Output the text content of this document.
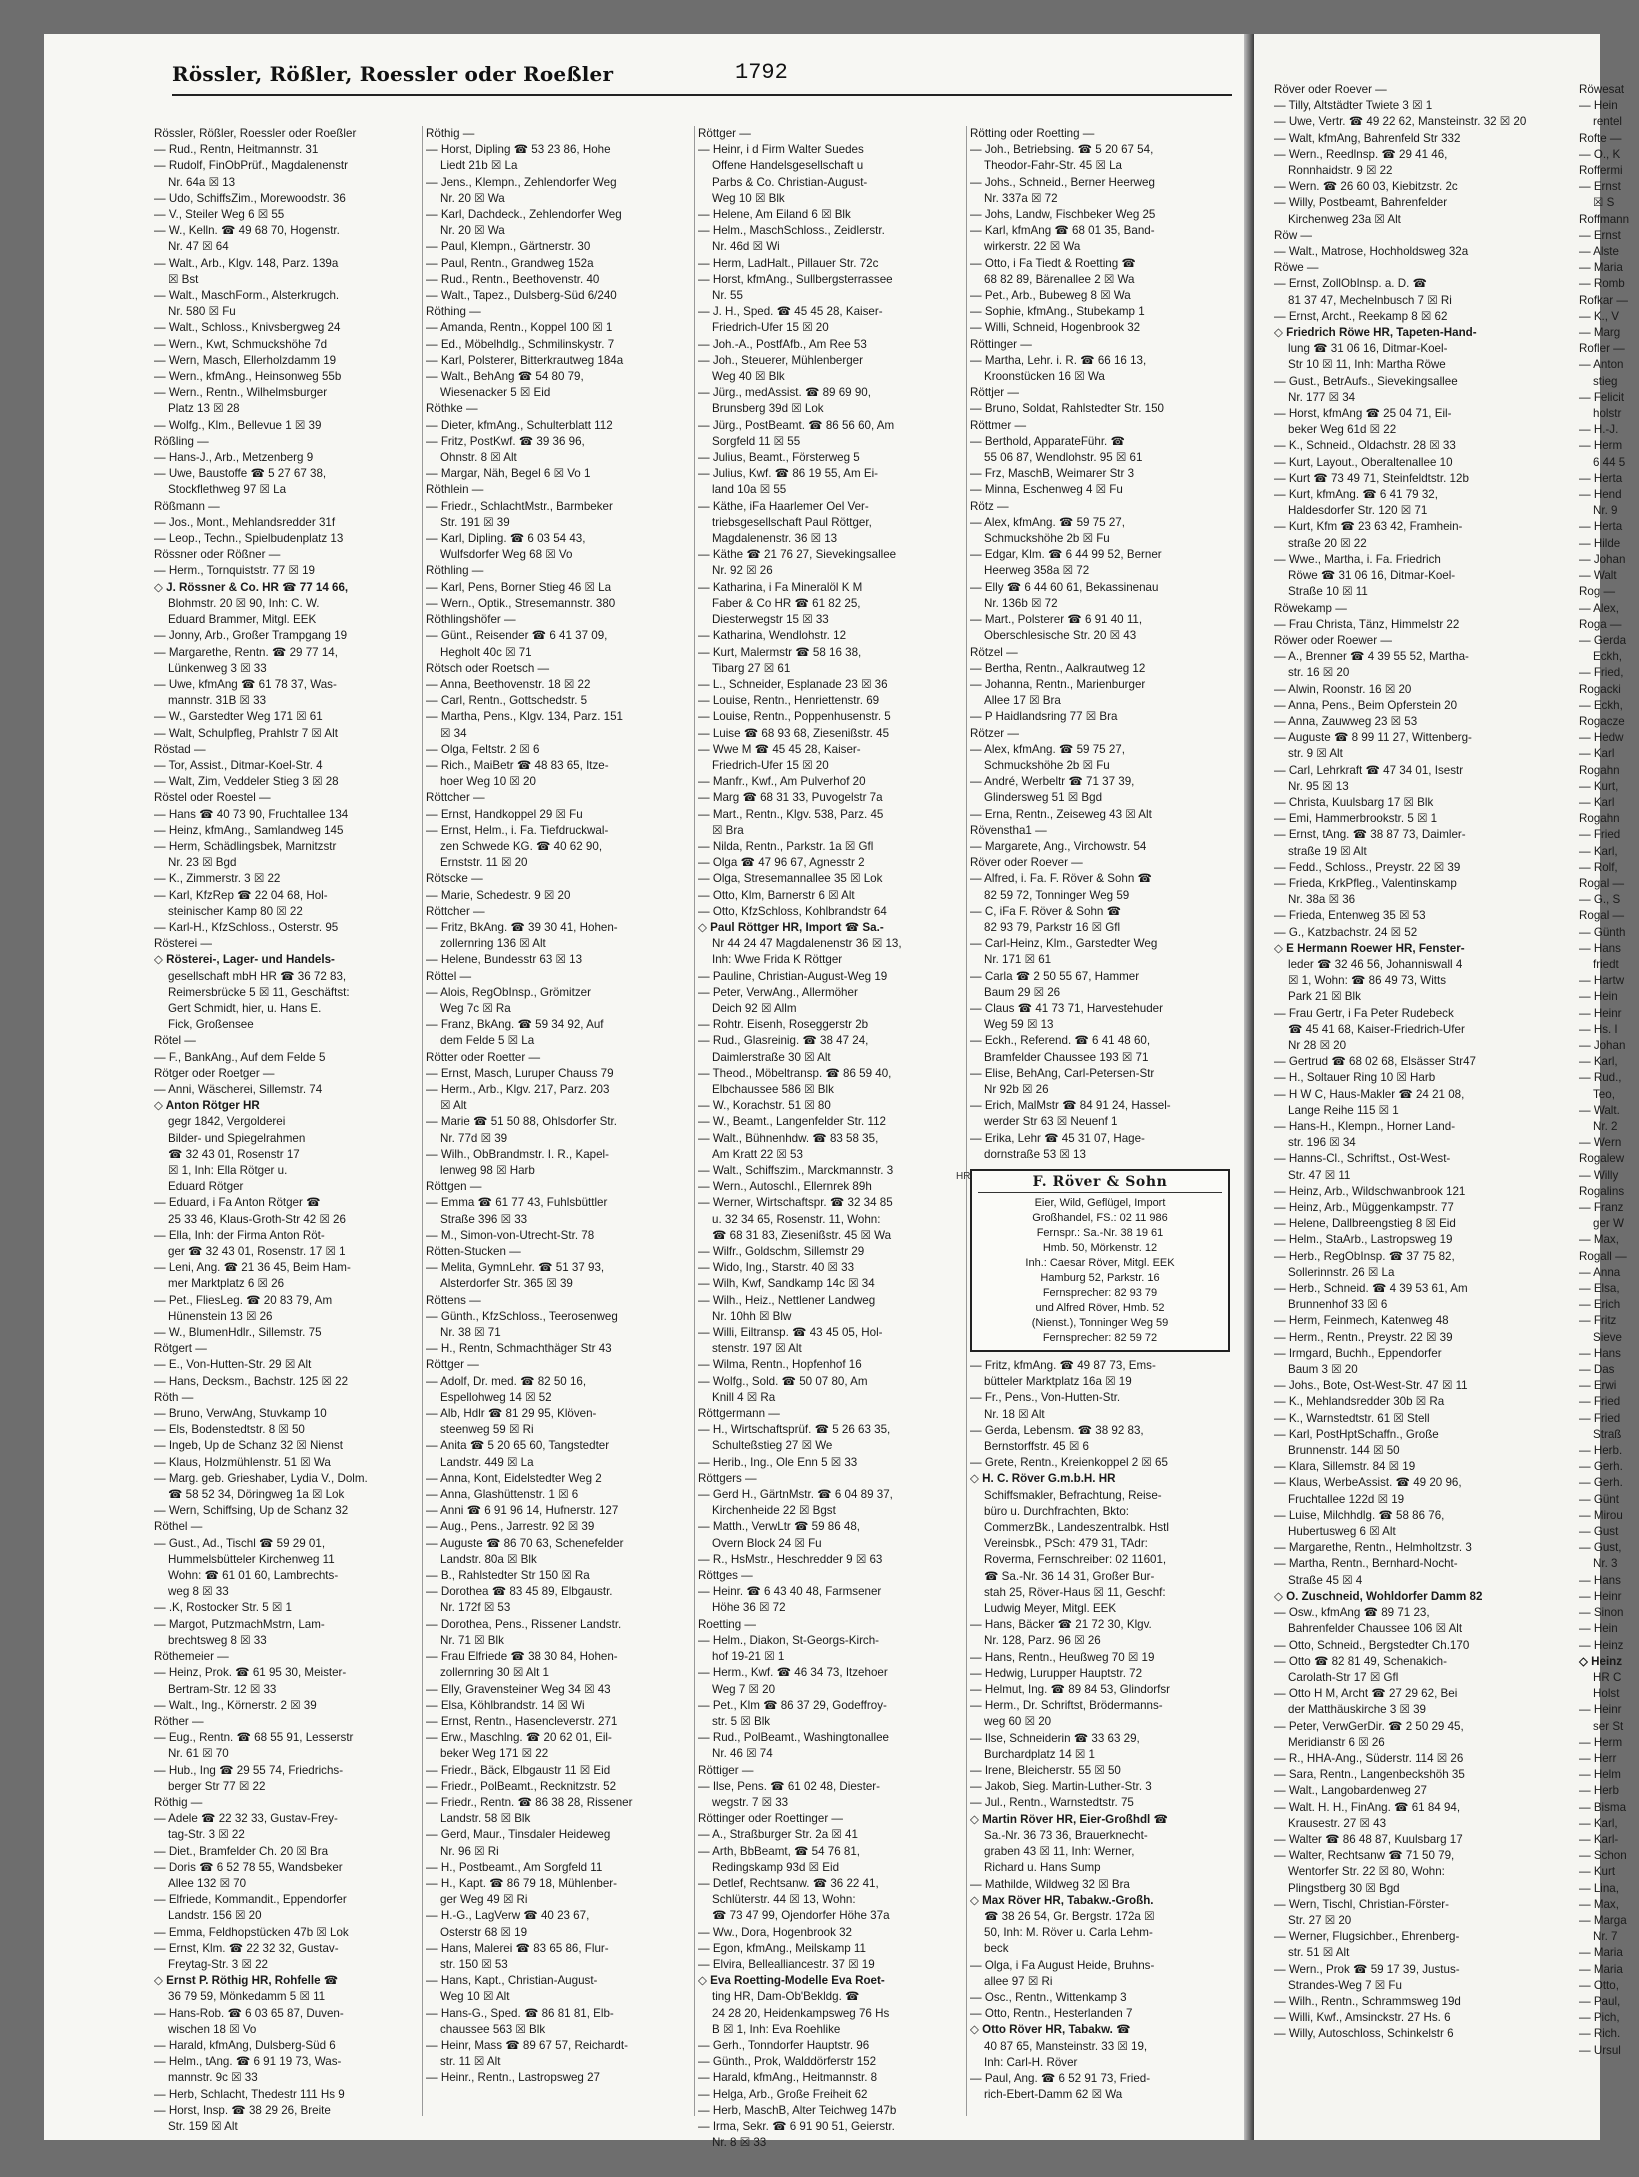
Rössler, Rößler, Roessler oder Roeßler	1792
Rössler, Rößler, Roessler oder Roeßler
— Rud., Rentn, Heitmannstr. 31
— Rudolf, FinObPrüf., Magdalenenstr
Nr. 64a ☒ 13
— Udo, SchiffsZim., Morewoodstr. 36
— V., Steiler Weg 6 ☒ 55
— W., Kelln. ☎ 49 68 70, Hogenstr.
Nr. 47 ☒ 64
— Walt., Arb., Klgv. 148, Parz. 139a
☒ Bst
— Walt., MaschForm., Alsterkrugch.
Nr. 580 ☒ Fu
— Walt., Schloss., Knivsbergweg 24
— Wern., Kwt, Schmuckshöhe 7d
— Wern, Masch, Ellerholzdamm 19
— Wern., kfmAng., Heinsonweg 55b
— Wern., Rentn., Wilhelmsburger
Platz 13 ☒ 28
— Wolfg., Klm., Bellevue 1 ☒ 39
Rößling —
— Hans-J., Arb., Metzenberg 9
— Uwe, Baustoffe ☎ 5 27 67 38,
Stockflethweg 97 ☒ La
Rößmann —
— Jos., Mont., Mehlandsredder 31f
— Leop., Techn., Spielbudenplatz 13
Rössner oder Rößner —
— Herm., Tornquiststr. 77 ☒ 19
◇ J. Rössner & Co. HR ☎ 77 14 66,
Blohmstr. 20 ☒ 90, Inh: C. W.
Eduard Brammer, Mitgl. EEK
— Jonny, Arb., Großer Trampgang 19
— Margarethe, Rentn. ☎ 29 77 14,
Lünkenweg 3 ☒ 33
— Uwe, kfmAng ☎ 61 78 37, Was-
mannstr. 31B ☒ 33
— W., Garstedter Weg 171 ☒ 61
— Walt, Schulpfleg, Prahlstr 7 ☒ Alt
Röstad —
— Tor, Assist., Ditmar-Koel-Str. 4
— Walt, Zim, Veddeler Stieg 3 ☒ 28
Röstel oder Roestel —
— Hans ☎ 40 73 90, Fruchtallee 134
— Heinz, kfmAng., Samlandweg 145
— Herm, Schädlingsbek, Marnitzstr
Nr. 23 ☒ Bgd
— K., Zimmerstr. 3 ☒ 22
— Karl, KfzRep ☎ 22 04 68, Hol-
steinischer Kamp 80 ☒ 22
— Karl-H., KfzSchloss., Osterstr. 95
Rösterei —
◇ Rösterei-, Lager- und Handels-
gesellschaft mbH HR ☎ 36 72 83,
Reimersbrücke 5 ☒ 11, Geschäftst:
Gert Schmidt, hier, u. Hans E.
Fick, Großensee
Rötel —
— F., BankAng., Auf dem Felde 5
Rötger oder Roetger —
— Anni, Wäscherei, Sillemstr. 74
◇ Anton Rötger HR
gegr 1842, Vergolderei
Bilder- und Spiegelrahmen
☎ 32 43 01, Rosenstr 17
☒ 1, Inh: Ella Rötger u.
Eduard Rötger
— Eduard, i Fa Anton Rötger ☎
25 33 46, Klaus-Groth-Str 42 ☒ 26
— Ella, Inh: der Firma Anton Röt-
ger ☎ 32 43 01, Rosenstr. 17 ☒ 1
— Leni, Ang. ☎ 21 36 45, Beim Ham-
mer Marktplatz 6 ☒ 26
— Pet., FliesLeg. ☎ 20 83 79, Am
Hünenstein 13 ☒ 26
— W., BlumenHdlr., Sillemstr. 75
Rötgert —
— E., Von-Hutten-Str. 29 ☒ Alt
— Hans, Decksm., Bachstr. 125 ☒ 22
Röth —
— Bruno, VerwAng, Stuvkamp 10
— Els, Bodenstedtstr. 8 ☒ 50
— Ingeb, Up de Schanz 32 ☒ Nienst
— Klaus, Holzmühlenstr. 51 ☒ Wa
— Marg. geb. Grieshaber, Lydia V., Dolm.
☎ 58 52 34, Döringweg 1a ☒ Lok
— Wern, Schiffsing, Up de Schanz 32
Röthel —
— Gust., Ad., Tischl ☎ 59 29 01,
Hummelsbütteler Kirchenweg 11
Wohn: ☎ 61 01 60, Lambrechts-
weg 8 ☒ 33
— .K, Rostocker Str. 5 ☒ 1
— Margot, PutzmachMstrn, Lam-
brechtsweg 8 ☒ 33
Röthemeier —
— Heinz, Prok. ☎ 61 95 30, Meister-
Bertram-Str. 12 ☒ 33
— Walt., Ing., Körnerstr. 2 ☒ 39
Röther —
— Eug., Rentn. ☎ 68 55 91, Lesserstr
Nr. 61 ☒ 70
— Hub., Ing ☎ 29 55 74, Friedrichs-
berger Str 77 ☒ 22
Röthig —
— Adele ☎ 22 32 33, Gustav-Frey-
tag-Str. 3 ☒ 22
— Diet., Bramfelder Ch. 20 ☒ Bra
— Doris ☎ 6 52 78 55, Wandsbeker
Allee 132 ☒ 70
— Elfriede, Kommandit., Eppendorfer
Landstr. 156 ☒ 20
— Emma, Feldhopstücken 47b ☒ Lok
— Ernst, Klm. ☎ 22 32 32, Gustav-
Freytag-Str. 3 ☒ 22
◇ Ernst P. Röthig HR, Rohfelle ☎
36 79 59, Mönkedamm 5 ☒ 11
— Hans-Rob. ☎ 6 03 65 87, Duven-
wischen 18 ☒ Vo
— Harald, kfmAng, Dulsberg-Süd 6
— Helm., tAng. ☎ 6 91 19 73, Was-
mannstr. 9c ☒ 33
— Herb, Schlacht, Thedestr 111 Hs 9
— Horst, Insp. ☎ 38 29 26, Breite
Str. 159 ☒ Alt
Röthig —
— Horst, Dipling ☎ 53 23 86, Hohe
Liedt 21b ☒ La
— Jens., Klempn., Zehlendorfer Weg
Nr. 20 ☒ Wa
— Karl, Dachdeck., Zehlendorfer Weg
Nr. 20 ☒ Wa
— Paul, Klempn., Gärtnerstr. 30
— Paul, Rentn., Grandweg 152a
— Rud., Rentn., Beethovenstr. 40
— Walt., Tapez., Dulsberg-Süd 6/240
Röthing —
— Amanda, Rentn., Koppel 100 ☒ 1
— Ed., Möbelhdlg., Schmilinskystr. 7
— Karl, Polsterer, Bitterkrautweg 184a
— Walt., BehAng ☎ 54 80 79,
Wiesenacker 5 ☒ Eid
Röthke —
— Dieter, kfmAng., Schulterblatt 112
— Fritz, PostKwf. ☎ 39 36 96,
Ohnstr. 8 ☒ Alt
— Margar, Näh, Begel 6 ☒ Vo 1
Röthlein —
— Friedr., SchlachtMstr., Barmbeker
Str. 191 ☒ 39
— Karl, Dipling. ☎ 6 03 54 43,
Wulfsdorfer Weg 68 ☒ Vo
Röthling —
— Karl, Pens, Borner Stieg 46 ☒ La
— Wern., Optik., Stresemannstr. 380
Röthlingshöfer —
— Günt., Reisender ☎ 6 41 37 09,
Hegholt 40c ☒ 71
Rötsch oder Roetsch —
— Anna, Beethovenstr. 18 ☒ 22
— Carl, Rentn., Gottschedstr. 5
— Martha, Pens., Klgv. 134, Parz. 151
☒ 34
— Olga, Feltstr. 2 ☒ 6
— Rich., MaiBetr ☎ 48 83 65, Itze-
hoer Weg 10 ☒ 20
Röttcher —
— Ernst, Handkoppel 29 ☒ Fu
— Ernst, Helm., i. Fa. Tiefdruckwal-
zen Schwede KG. ☎ 40 62 90,
Ernststr. 11 ☒ 20
Rötscke —
— Marie, Schedestr. 9 ☒ 20
Röttcher —
— Fritz, BkAng. ☎ 39 30 41, Hohen-
zollernring 136 ☒ Alt
— Helene, Bundesstr 63 ☒ 13
Röttel —
— Alois, RegObInsp., Grömitzer
Weg 7c ☒ Ra
— Franz, BkAng. ☎ 59 34 92, Auf
dem Felde 5 ☒ La
Rötter oder Roetter —
— Ernst, Masch, Luruper Chauss 79
— Herm., Arb., Klgv. 217, Parz. 203
☒ Alt
— Marie ☎ 51 50 88, Ohlsdorfer Str.
Nr. 77d ☒ 39
— Wilh., ObBrandmstr. I. R., Kapel-
lenweg 98 ☒ Harb
Röttgen —
— Emma ☎ 61 77 43, Fuhlsbüttler
Straße 396 ☒ 33
— M., Simon-von-Utrecht-Str. 78
Rötten-Stucken —
— Melita, GymnLehr. ☎ 51 37 93,
Alsterdorfer Str. 365 ☒ 39
Röttens —
— Günth., KfzSchloss., Teerosenweg
Nr. 38 ☒ 71
— H., Rentn, Schmachthäger Str 43
Röttger —
— Adolf, Dr. med. ☎ 82 50 16,
Espellohweg 14 ☒ 52
— Alb, Hdlr ☎ 81 29 95, Klöven-
steenweg 59 ☒ Ri
— Anita ☎ 5 20 65 60, Tangstedter
Landstr. 449 ☒ La
— Anna, Kont, Eidelstedter Weg 2
— Anna, Glashüttenstr. 1 ☒ 6
— Anni ☎ 6 91 96 14, Hufnerstr. 127
— Aug., Pens., Jarrestr. 92 ☒ 39
— Auguste ☎ 86 70 63, Schenefelder
Landstr. 80a ☒ Blk
— B., Rahlstedter Str 150 ☒ Ra
— Dorothea ☎ 83 45 89, Elbgaustr.
Nr. 172f ☒ 53
— Dorothea, Pens., Rissener Landstr.
Nr. 71 ☒ Blk
— Frau Elfriede ☎ 38 30 84, Hohen-
zollernring 30 ☒ Alt 1
— Elly, Gravensteiner Weg 34 ☒ 43
— Elsa, Köhlbrandstr. 14 ☒ Wi
— Ernst, Rentn., Hasencleverstr. 271
— Erw., Maschlng. ☎ 20 62 01, Eil-
beker Weg 171 ☒ 22
— Friedr., Bäck, Elbgaustr 11 ☒ Eid
— Friedr., PolBeamt., Recknitzstr. 52
— Friedr., Rentn. ☎ 86 38 28, Rissener
Landstr. 58 ☒ Blk
— Gerd, Maur., Tinsdaler Heideweg
Nr. 96 ☒ Ri
— H., Postbeamt., Am Sorgfeld 11
— H., Kapt. ☎ 86 79 18, Mühlenber-
ger Weg 49 ☒ Ri
— H.-G., LagVerw ☎ 40 23 67,
Osterstr 68 ☒ 19
— Hans, Malerei ☎ 83 65 86, Flur-
str. 150 ☒ 53
— Hans, Kapt., Christian-August-
Weg 10 ☒ Alt
— Hans-G., Sped. ☎ 86 81 81, Elb-
chaussee 563 ☒ Blk
— Heinr, Mass ☎ 89 67 57, Reichardt-
str. 11 ☒ Alt
— Heinr., Rentn., Lastropsweg 27
Röttger —
— Heinr, i d Firm Walter Suedes
Offene Handelsgesellschaft u
Parbs & Co. Christian-August-
Weg 10 ☒ Blk
— Helene, Am Eiland 6 ☒ Blk
— Helm., MaschSchloss., Zeidlerstr.
Nr. 46d ☒ Wi
— Herm, LadHalt., Pillauer Str. 72c
— Horst, kfmAng., Sullbergsterrassee
Nr. 55
— J. H., Sped. ☎ 45 45 28, Kaiser-
Friedrich-Ufer 15 ☒ 20
— Joh.-A., PostfAfb., Am Ree 53
— Joh., Steuerer, Mühlenberger
Weg 40 ☒ Blk
— Jürg., medAssist. ☎ 89 69 90,
Brunsberg 39d ☒ Lok
— Jürg., PostBeamt. ☎ 86 56 60, Am
Sorgfeld 11 ☒ 55
— Julius, Beamt., Försterweg 5
— Julius, Kwf. ☎ 86 19 55, Am Ei-
land 10a ☒ 55
— Käthe, iFa Haarlemer Oel Ver-
triebsgesellschaft Paul Röttger,
Magdalenenstr. 36 ☒ 13
— Käthe ☎ 21 76 27, Sievekingsallee
Nr. 92 ☒ 26
— Katharina, i Fa Mineralöl K M
Faber & Co HR ☎ 61 82 25,
Diesterwegstr 15 ☒ 33
— Katharina, Wendlohstr. 12
— Kurt, Malermstr ☎ 58 16 38,
Tibarg 27 ☒ 61
— L., Schneider, Esplanade 23 ☒ 36
— Louise, Rentn., Henriettenstr. 69
— Louise, Rentn., Poppenhusenstr. 5
— Luise ☎ 68 93 68, Ziesenißstr. 45
— Wwe M ☎ 45 45 28, Kaiser-
Friedrich-Ufer 15 ☒ 20
— Manfr., Kwf., Am Pulverhof 20
— Marg ☎ 68 31 33, Puvogelstr 7a
— Mart., Rentn., Klgv. 538, Parz. 45
☒ Bra
— Nilda, Rentn., Parkstr. 1a ☒ Gfl
— Olga ☎ 47 96 67, Agnesstr 2
— Olga, Stresemannallee 35 ☒ Lok
— Otto, Klm, Barnerstr 6 ☒ Alt
— Otto, KfzSchloss, Kohlbrandstr 64
◇ Paul Röttger HR, Import ☎ Sa.-
Nr 44 24 47 Magdalenenstr 36 ☒ 13,
Inh: Wwe Frida K Röttger
— Pauline, Christian-August-Weg 19
— Peter, VerwAng., Allermöher
Deich 92 ☒ Allm
— Rohtr. Eisenh, Roseggerstr 2b
— Rud., Glasreinig. ☎ 38 47 24,
Daimlerstraße 30 ☒ Alt
— Theod., Möbeltransp. ☎ 86 59 40,
Elbchaussee 586 ☒ Blk
— W., Korachstr. 51 ☒ 80
— W., Beamt., Langenfelder Str. 112
— Walt., Bühnenhdw. ☎ 83 58 35,
Am Kratt 22 ☒ 53
— Walt., Schiffszim., Marckmannstr. 3
— Wern., Autoschl., Ellernrek 89h
— Werner, Wirtschaftspr. ☎ 32 34 85
u. 32 34 65, Rosenstr. 11, Wohn:
☎ 68 31 83, Ziesenißstr. 45 ☒ Wa
— Wilfr., Goldschm, Sillemstr 29
— Wido, Ing., Starstr. 40 ☒ 33
— Wilh, Kwf, Sandkamp 14c ☒ 34
— Wilh., Heiz., Nettlener Landweg
Nr. 10hh ☒ Blw
— Willi, Eiltransp. ☎ 43 45 05, Hol-
stenstr. 197 ☒ Alt
— Wilma, Rentn., Hopfenhof 16
— Wolfg., Sold. ☎ 50 07 80, Am
Knill 4 ☒ Ra
Röttgermann —
— H., Wirtschaftsprüf. ☎ 5 26 63 35,
Schulteßstieg 27 ☒ We
— Herib., Ing., Ole Enn 5 ☒ 33
Röttgers —
— Gerd H., GärtnMstr. ☎ 6 04 89 37,
Kirchenheide 22 ☒ Bgst
— Matth., VerwLtr ☎ 59 86 48,
Overn Block 24 ☒ Fu
— R., HsMstr., Heschredder 9 ☒ 63
Röttges —
— Heinr. ☎ 6 43 40 48, Farmsener
Höhe 36 ☒ 72
Roetting —
— Helm., Diakon, St-Georgs-Kirch-
hof 19-21 ☒ 1
— Herm., Kwf. ☎ 46 34 73, Itzehoer
Weg 7 ☒ 20
— Pet., Klm ☎ 86 37 29, Godeffroy-
str. 5 ☒ Blk
— Rud., PolBeamt., Washingtonallee
Nr. 46 ☒ 74
Röttiger —
— Ilse, Pens. ☎ 61 02 48, Diester-
wegstr. 7 ☒ 33
Röttinger oder Roettinger —
— A., Straßburger Str. 2a ☒ 41
— Arth, BbBeamt, ☎ 54 76 81,
Redingskamp 93d ☒ Eid
— Detlef, Rechtsanw. ☎ 36 22 41,
Schlüterstr. 44 ☒ 13, Wohn:
☎ 73 47 99, Ojendorfer Höhe 37a
— Ww., Dora, Hogenbrook 32
— Egon, kfmAng., Meilskamp 11
— Elvira, Bellealliancestr. 37 ☒ 19
◇ Eva Roetting-Modelle Eva Roet-
ting HR, Dam-Ob'Bekldg. ☎
24 28 20, Heidenkampsweg 76 Hs
B ☒ 1, Inh: Eva Roehlike
— Gerh., Tonndorfer Hauptstr. 96
— Günth., Prok, Walddörferstr 152
— Harald, kfmAng., Heitmannstr. 8
— Helga, Arb., Große Freiheit 62
— Herb, MaschB, Alter Teichweg 147b
— Irma, Sekr. ☎ 6 91 90 51, Geierstr.
Nr. 8 ☒ 33
Rötting oder Roetting —
— Joh., Betriebsing. ☎ 5 20 67 54,
Theodor-Fahr-Str. 45 ☒ La
— Johs., Schneid., Berner Heerweg
Nr. 337a ☒ 72
— Johs, Landw, Fischbeker Weg 25
— Karl, kfmAng ☎ 68 01 35, Band-
wirkerstr. 22 ☒ Wa
— Otto, i Fa Tiedt & Roetting ☎
68 82 89, Bärenallee 2 ☒ Wa
— Pet., Arb., Bubeweg 8 ☒ Wa
— Sophie, kfmAng., Stubekamp 1
— Willi, Schneid, Hogenbrook 32
Röttinger —
— Martha, Lehr. i. R. ☎ 66 16 13,
Kroonstücken 16 ☒ Wa
Röttjer —
— Bruno, Soldat, Rahlstedter Str. 150
Röttmer —
— Berthold, ApparateFühr. ☎
55 06 87, Wendlohstr. 95 ☒ 61
— Frz, MaschB, Weimarer Str 3
— Minna, Eschenweg 4 ☒ Fu
Rötz —
— Alex, kfmAng. ☎ 59 75 27,
Schmuckshöhe 2b ☒ Fu
— Edgar, Klm. ☎ 6 44 99 52, Berner
Heerweg 358a ☒ 72
— Elly ☎ 6 44 60 61, Bekassinenau
Nr. 136b ☒ 72
— Mart., Polsterer ☎ 6 91 40 11,
Oberschlesische Str. 20 ☒ 43
Rötzel —
— Bertha, Rentn., Aalkrautweg 12
— Johanna, Rentn., Marienburger
Allee 17 ☒ Bra
— P Haidlandsring 77 ☒ Bra
Rötzer —
— Alex, kfmAng. ☎ 59 75 27,
Schmuckshöhe 2b ☒ Fu
— André, Werbeltr ☎ 71 37 39,
Glindersweg 51 ☒ Bgd
— Erna, Rentn., Zeiseweg 43 ☒ Alt
Rövenstha1 —
— Margarete, Ang., Virchowstr. 54
Röver oder Roever —
— Alfred, i. Fa. F. Röver & Sohn ☎
82 59 72, Tonninger Weg 59
— C, iFa F. Röver & Sohn ☎
82 93 79, Parkstr 16 ☒ Gfl
— Carl-Heinz, Klm., Garstedter Weg
Nr. 171 ☒ 61
— Carla ☎ 2 50 55 67, Hammer
Baum 29 ☒ 26
— Claus ☎ 41 73 71, Harvestehuder
Weg 59 ☒ 13
— Eckh., Referend. ☎ 6 41 48 60,
Bramfelder Chaussee 193 ☒ 71
— Elise, BehAng, Carl-Petersen-Str
Nr 92b ☒ 26
— Erich, MalMstr ☎ 84 91 24, Hassel-
werder Str 63 ☒ Neuenf 1
— Erika, Lehr ☎ 45 31 07, Hage-
dornstraße 53 ☒ 13
HR	F. Röver & Sohn
Eier, Wild, Geflügel, Import
Großhandel, FS.: 02 11 986
Fernspr.: Sa.-Nr. 38 19 61
Hmb. 50, Mörkenstr. 12
Inh.: Caesar Röver, Mitgl. EEK
Hamburg 52, Parkstr. 16
Fernsprecher: 82 93 79
und Alfred Röver, Hmb. 52
(Nienst.), Tonninger Weg 59
Fernsprecher: 82 59 72
— Fritz, kfmAng. ☎ 49 87 73, Ems-
bütteler Marktplatz 16a ☒ 19
— Fr., Pens., Von-Hutten-Str.
Nr. 18 ☒ Alt
— Gerda, Lebensm. ☎ 38 92 83,
Bernstorffstr. 45 ☒ 6
— Grete, Rentn., Kreienkoppel 2 ☒ 65
◇ H. C. Röver G.m.b.H. HR
Schiffsmakler, Befrachtung, Reise-
büro u. Durchfrachten, Bkto:
CommerzBk., Landeszentralbk. Hstl
Vereinsbk., PSch: 479 31, TAdr:
Roverma, Fernschreiber: 02 11601,
☎ Sa.-Nr. 36 14 31, Großer Bur-
stah 25, Röver-Haus ☒ 11, Geschf:
Ludwig Meyer, Mitgl. EEK
— Hans, Bäcker ☎ 21 72 30, Klgv.
Nr. 128, Parz. 96 ☒ 26
— Hans, Rentn., Heußweg 70 ☒ 19
— Hedwig, Lurupper Hauptstr. 72
— Helmut, Ing. ☎ 89 84 53, Glindorfsr
— Herm., Dr. Schriftst, Brödermanns-
weg 60 ☒ 20
— Ilse, Schneiderin ☎ 33 63 29,
Burchardplatz 14 ☒ 1
— Irene, Bleicherstr. 55 ☒ 50
— Jakob, Sieg. Martin-Luther-Str. 3
— Jul., Rentn., Warnstedtstr. 75
◇ Martin Röver HR, Eier-Großhdl ☎
Sa.-Nr. 36 73 36, Brauerknecht-
graben 43 ☒ 11, Inh: Werner,
Richard u. Hans Sump
— Mathilde, Wildweg 32 ☒ Bra
◇ Max Röver HR, Tabakw.-Großh.
☎ 38 26 54, Gr. Bergstr. 172a ☒
50, Inh: M. Röver u. Carla Lehm-
beck
— Olga, i Fa August Heide, Bruhns-
allee 97 ☒ Ri
— Osc., Rentn., Wittenkamp 3
— Otto, Rentn., Hesterlanden 7
◇ Otto Röver HR, Tabakw. ☎
40 87 65, Mansteinstr. 33 ☒ 19,
Inh: Carl-H. Röver
— Paul, Ang. ☎ 6 52 91 73, Fried-
rich-Ebert-Damm 62 ☒ Wa
Röver oder Roever —
— Tilly, Altstädter Twiete 3 ☒ 1
— Uwe, Vertr. ☎ 49 22 62, Mansteinstr. 32 ☒ 20
— Walt, kfmAng, Bahrenfeld Str 332
— Wern., Reedlnsp. ☎ 29 41 46,
Ronnhaidstr. 9 ☒ 22
— Wern. ☎ 26 60 03, Kiebitzstr. 2c
— Willy, Postbeamt, Bahrenfelder
Kirchenweg 23a ☒ Alt
Röw —
— Walt., Matrose, Hochholdsweg 32a
Röwe —
— Ernst, ZollObInsp. a. D. ☎
81 37 47, Mechelnbusch 7 ☒ Ri
— Ernst, Archt., Reekamp 8 ☒ 62
◇ Friedrich Röwe HR, Tapeten-Hand-
lung ☎ 31 06 16, Ditmar-Koel-
Str 10 ☒ 11, Inh: Martha Röwe
— Gust., BetrAufs., Sievekingsallee
Nr. 177 ☒ 34
— Horst, kfmAng ☎ 25 04 71, Eil-
beker Weg 61d ☒ 22
— K., Schneid., Oldachstr. 28 ☒ 33
— Kurt, Layout., Oberaltenallee 10
— Kurt ☎ 73 49 71, Steinfeldtstr. 12b
— Kurt, kfmAng. ☎ 6 41 79 32,
Haldesdorfer Str. 120 ☒ 71
— Kurt, Kfm ☎ 23 63 42, Framhein-
straße 20 ☒ 22
— Wwe., Martha, i. Fa. Friedrich
Röwe ☎ 31 06 16, Ditmar-Koel-
Straße 10 ☒ 11
Röwekamp —
— Frau Christa, Tänz, Himmelstr 22
Röwer oder Roewer —
— A., Brenner ☎ 4 39 55 52, Martha-
str. 16 ☒ 20
— Alwin, Roonstr. 16 ☒ 20
— Anna, Pens., Beim Opferstein 20
— Anna, Zauwweg 23 ☒ 53
— Auguste ☎ 8 99 11 27, Wittenberg-
str. 9 ☒ Alt
— Carl, Lehrkraft ☎ 47 34 01, Isestr
Nr. 95 ☒ 13
— Christa, Kuulsbarg 17 ☒ Blk
— Emi, Hammerbrookstr. 5 ☒ 1
— Ernst, tAng. ☎ 38 87 73, Daimler-
straße 19 ☒ Alt
— Fedd., Schloss., Preystr. 22 ☒ 39
— Frieda, KrkPfleg., Valentinskamp
Nr. 38a ☒ 36
— Frieda, Entenweg 35 ☒ 53
— G., Katzbachstr. 24 ☒ 52
◇ E Hermann Roewer HR, Fenster-
leder ☎ 32 46 56, Johanniswall 4
☒ 1, Wohn: ☎ 86 49 73, Witts
Park 21 ☒ Blk
— Frau Gertr, i Fa Peter Rudebeck
☎ 45 41 68, Kaiser-Friedrich-Ufer
Nr 28 ☒ 20
— Gertrud ☎ 68 02 68, Elsässer Str47
— H., Soltauer Ring 10 ☒ Harb
— H W C, Haus-Makler ☎ 24 21 08,
Lange Reihe 115 ☒ 1
— Hans-H., Klempn., Horner Land-
str. 196 ☒ 34
— Hanns-Cl., Schriftst., Ost-West-
Str. 47 ☒ 11
— Heinz, Arb., Wildschwanbrook 121
— Heinz, Arb., Müggenkampstr. 77
— Helene, Dallbreengstieg 8 ☒ Eid
— Helm., StaArb., Lastropsweg 19
— Herb., RegObInsp. ☎ 37 75 82,
Sollerinnstr. 26 ☒ La
— Herb., Schneid. ☎ 4 39 53 61, Am
Brunnenhof 33 ☒ 6
— Herm, Feinmech, Katenweg 48
— Herm., Rentn., Preystr. 22 ☒ 39
— Irmgard, Buchh., Eppendorfer
Baum 3 ☒ 20
— Johs., Bote, Ost-West-Str. 47 ☒ 11
— K., Mehlandsredder 30b ☒ Ra
— K., Warnstedtstr. 61 ☒ Stell
— Karl, PostHptSchaffn., Große
Brunnenstr. 144 ☒ 50
— Klara, Sillemstr. 84 ☒ 19
— Klaus, WerbeAssist. ☎ 49 20 96,
Fruchtallee 122d ☒ 19
— Luise, Milchhdlg. ☎ 58 86 76,
Hubertusweg 6 ☒ Alt
— Margarethe, Rentn., Helmholtzstr. 3
— Martha, Rentn., Bernhard-Nocht-
Straße 45 ☒ 4
◇ O. Zuschneid, Wohldorfer Damm 82
— Osw., kfmAng ☎ 89 71 23,
Bahrenfelder Chaussee 106 ☒ Alt
— Otto, Schneid., Bergstedter Ch.170
— Otto ☎ 82 81 49, Schenakich-
Carolath-Str 17 ☒ Gfl
— Otto H M, Archt ☎ 27 29 62, Bei
der Matthäuskirche 3 ☒ 39
— Peter, VerwGerDir. ☎ 2 50 29 45,
Meridianstr 6 ☒ 26
— R., HHA-Ang., Süderstr. 114 ☒ 26
— Sara, Rentn., Langenbeckshöh 35
— Walt., Langobardenweg 27
— Walt. H. H., FinAng. ☎ 61 84 94,
Krausestr. 27 ☒ 43
— Walter ☎ 86 48 87, Kuulsbarg 17
— Walter, Rechtsanw ☎ 71 50 79,
Wentorfer Str. 22 ☒ 80, Wohn:
Plingstberg 30 ☒ Bgd
— Wern, Tischl, Christian-Förster-
Str. 27 ☒ 20
— Werner, Flugsichber., Ehrenberg-
str. 51 ☒ Alt
— Wern., Prok ☎ 59 17 39, Justus-
Strandes-Weg 7 ☒ Fu
— Wilh., Rentn., Schrammsweg 19d
— Willi, Kwf., Amsinckstr. 27 Hs. 6
— Willy, Autoschloss, Schinkelstr 6
Röwesat
— Hein
rentel
Rofte —
— O., K
Roffermi
— Ernst
☒ S
Roffmann
— Ernst
— Alste
— Maria
— Romb
Rofkar —
— K., V
— Marg
Rofler —
— Anton
stieg
— Felicit
holstr
— H.-J.
— Herm
6 44 5
— Herta
— Hend
Nr. 9
— Herta
— Hilde
— Johan
— Walt
Rog —
— Alex,
Roga —
— Gerda
Eckh,
— Fried,
Rogacki
— Eckh,
Rogacze
— Hedw
— Karl
Rogahn
— Kurt,
— Karl
Rogahn
— Fried
— Karl,
— Rolf,
Rogal —
— G., S
Rogal —
— Günth
— Hans
friedt
— Hartw
— Hein
— Heinr
— Hs. I
— Johan
— Karl,
— Rud.,
Teo,
— Walt.
Nr. 2
— Wern
Rogalew
— Willy
Rogalins
— Franz
ger W
— Max,
Rogall —
— Anna
— Elsa,
— Erich
— Fritz
Sieve
— Hans
— Das
— Erwi
— Fried
— Fried
Straß
— Herb.
— Gerh.
— Gerh.
— Günt
— Mirou
— Gust
— Gust,
Nr. 3
— Hans
— Heinr
— Sinon
— Hein
— Heinz
◇ Heinz
HR C
Holst
— Heinr
ser St
— Herm
— Herr
— Helm
— Herb
— Bisma
— Karl,
— Karl-
— Schon
— Kurt
— Lina,
— Max,
— Marga
Nr. 7
— Maria
— Maria
— Otto,
— Paul,
— Pich,
— Rich.
— Ursul
